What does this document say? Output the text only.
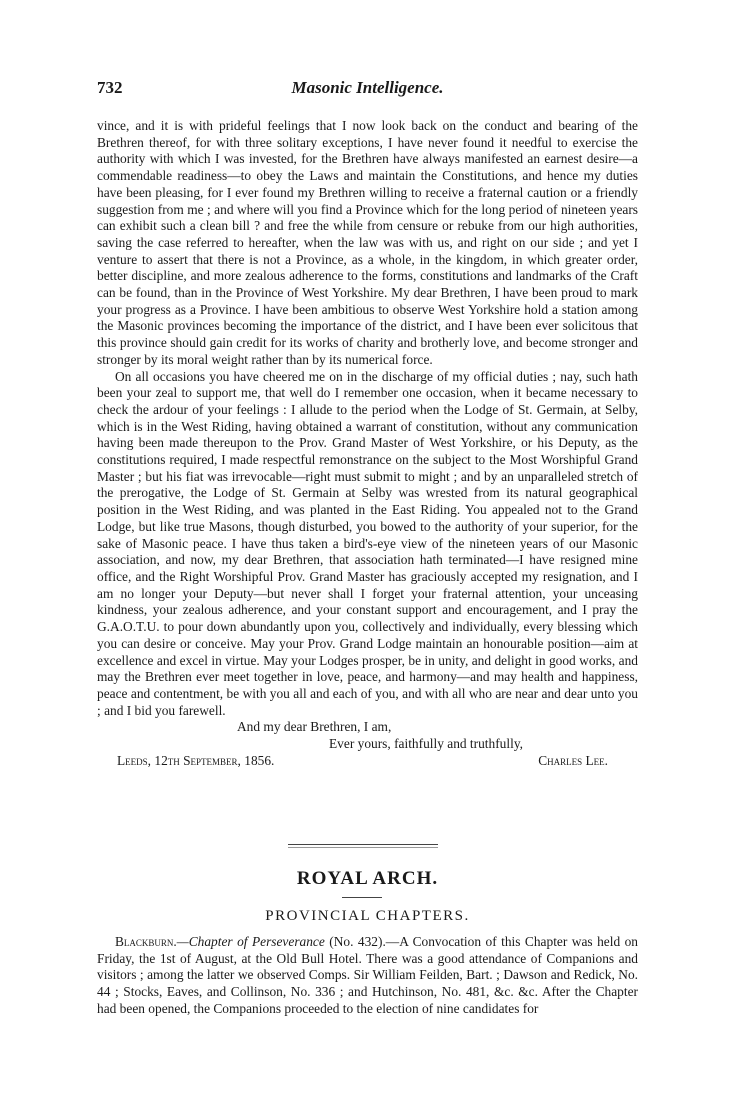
732	Masonic Intelligence.

vince, and it is with prideful feelings that I now look back on the conduct and bearing of the Brethren thereof, for with three solitary exceptions, I have never found it needful to exercise the authority with which I was invested, for the Brethren have always manifested an earnest desire—a commendable readiness—to obey the Laws and maintain the Constitutions, and hence my duties have been pleasing, for I ever found my Brethren willing to receive a fraternal caution or a friendly suggestion from me ; and where will you find a Province which for the long period of nineteen years can exhibit such a clean bill ? and free the while from censure or rebuke from our high authorities, saving the case referred to hereafter, when the law was with us, and right on our side ; and yet I venture to assert that there is not a Province, as a whole, in the kingdom, in which greater order, better discipline, and more zealous adherence to the forms, constitutions and landmarks of the Craft can be found, than in the Province of West Yorkshire. My dear Brethren, I have been proud to mark your progress as a Province. I have been ambitious to observe West Yorkshire hold a station among the Masonic provinces becoming the importance of the district, and I have been ever solicitous that this province should gain credit for its works of charity and brotherly love, and become stronger and stronger by its moral weight rather than by its numerical force.

On all occasions you have cheered me on in the discharge of my official duties ; nay, such hath been your zeal to support me, that well do I remember one occasion, when it became necessary to check the ardour of your feelings : I allude to the period when the Lodge of St. Germain, at Selby, which is in the West Riding, having obtained a warrant of constitution, without any communication having been made thereupon to the Prov. Grand Master of West Yorkshire, or his Deputy, as the constitutions required, I made respectful remonstrance on the subject to the Most Worshipful Grand Master ; but his fiat was irrevocable—right must submit to might ; and by an unparalleled stretch of the prerogative, the Lodge of St. Germain at Selby was wrested from its natural geographical position in the West Riding, and was planted in the East Riding. You appealed not to the Grand Lodge, but like true Masons, though disturbed, you bowed to the authority of your superior, for the sake of Masonic peace. I have thus taken a bird's-eye view of the nineteen years of our Masonic association, and now, my dear Brethren, that association hath terminated—I have resigned mine office, and the Right Worshipful Prov. Grand Master has graciously accepted my resignation, and I am no longer your Deputy—but never shall I forget your fraternal attention, your unceasing kindness, your zealous adherence, and your constant support and encouragement, and I pray the G.A.O.T.U. to pour down abundantly upon you, collectively and individually, every blessing which you can desire or conceive. May your Prov. Grand Lodge maintain an honourable position—aim at excellence and excel in virtue. May your Lodges prosper, be in unity, and delight in good works, and may the Brethren ever meet together in love, peace, and harmony—and may health and happiness, peace and contentment, be with you all and each of you, and with all who are near and dear unto you ; and I bid you farewell.

And my dear Brethren, I am,
Ever yours, faithfully and truthfully,
Leeds, 12th September, 1856.	Charles Lee.
ROYAL ARCH.
PROVINCIAL CHAPTERS.

Blackburn.—Chapter of Perseverance (No. 432).—A Convocation of this Chapter was held on Friday, the 1st of August, at the Old Bull Hotel. There was a good attendance of Companions and visitors ; among the latter we observed Comps. Sir William Feilden, Bart. ; Dawson and Redick, No. 44 ; Stocks, Eaves, and Collinson, No. 336 ; and Hutchinson, No. 481, &c. &c. After the Chapter had been opened, the Companions proceeded to the election of nine candidates for
